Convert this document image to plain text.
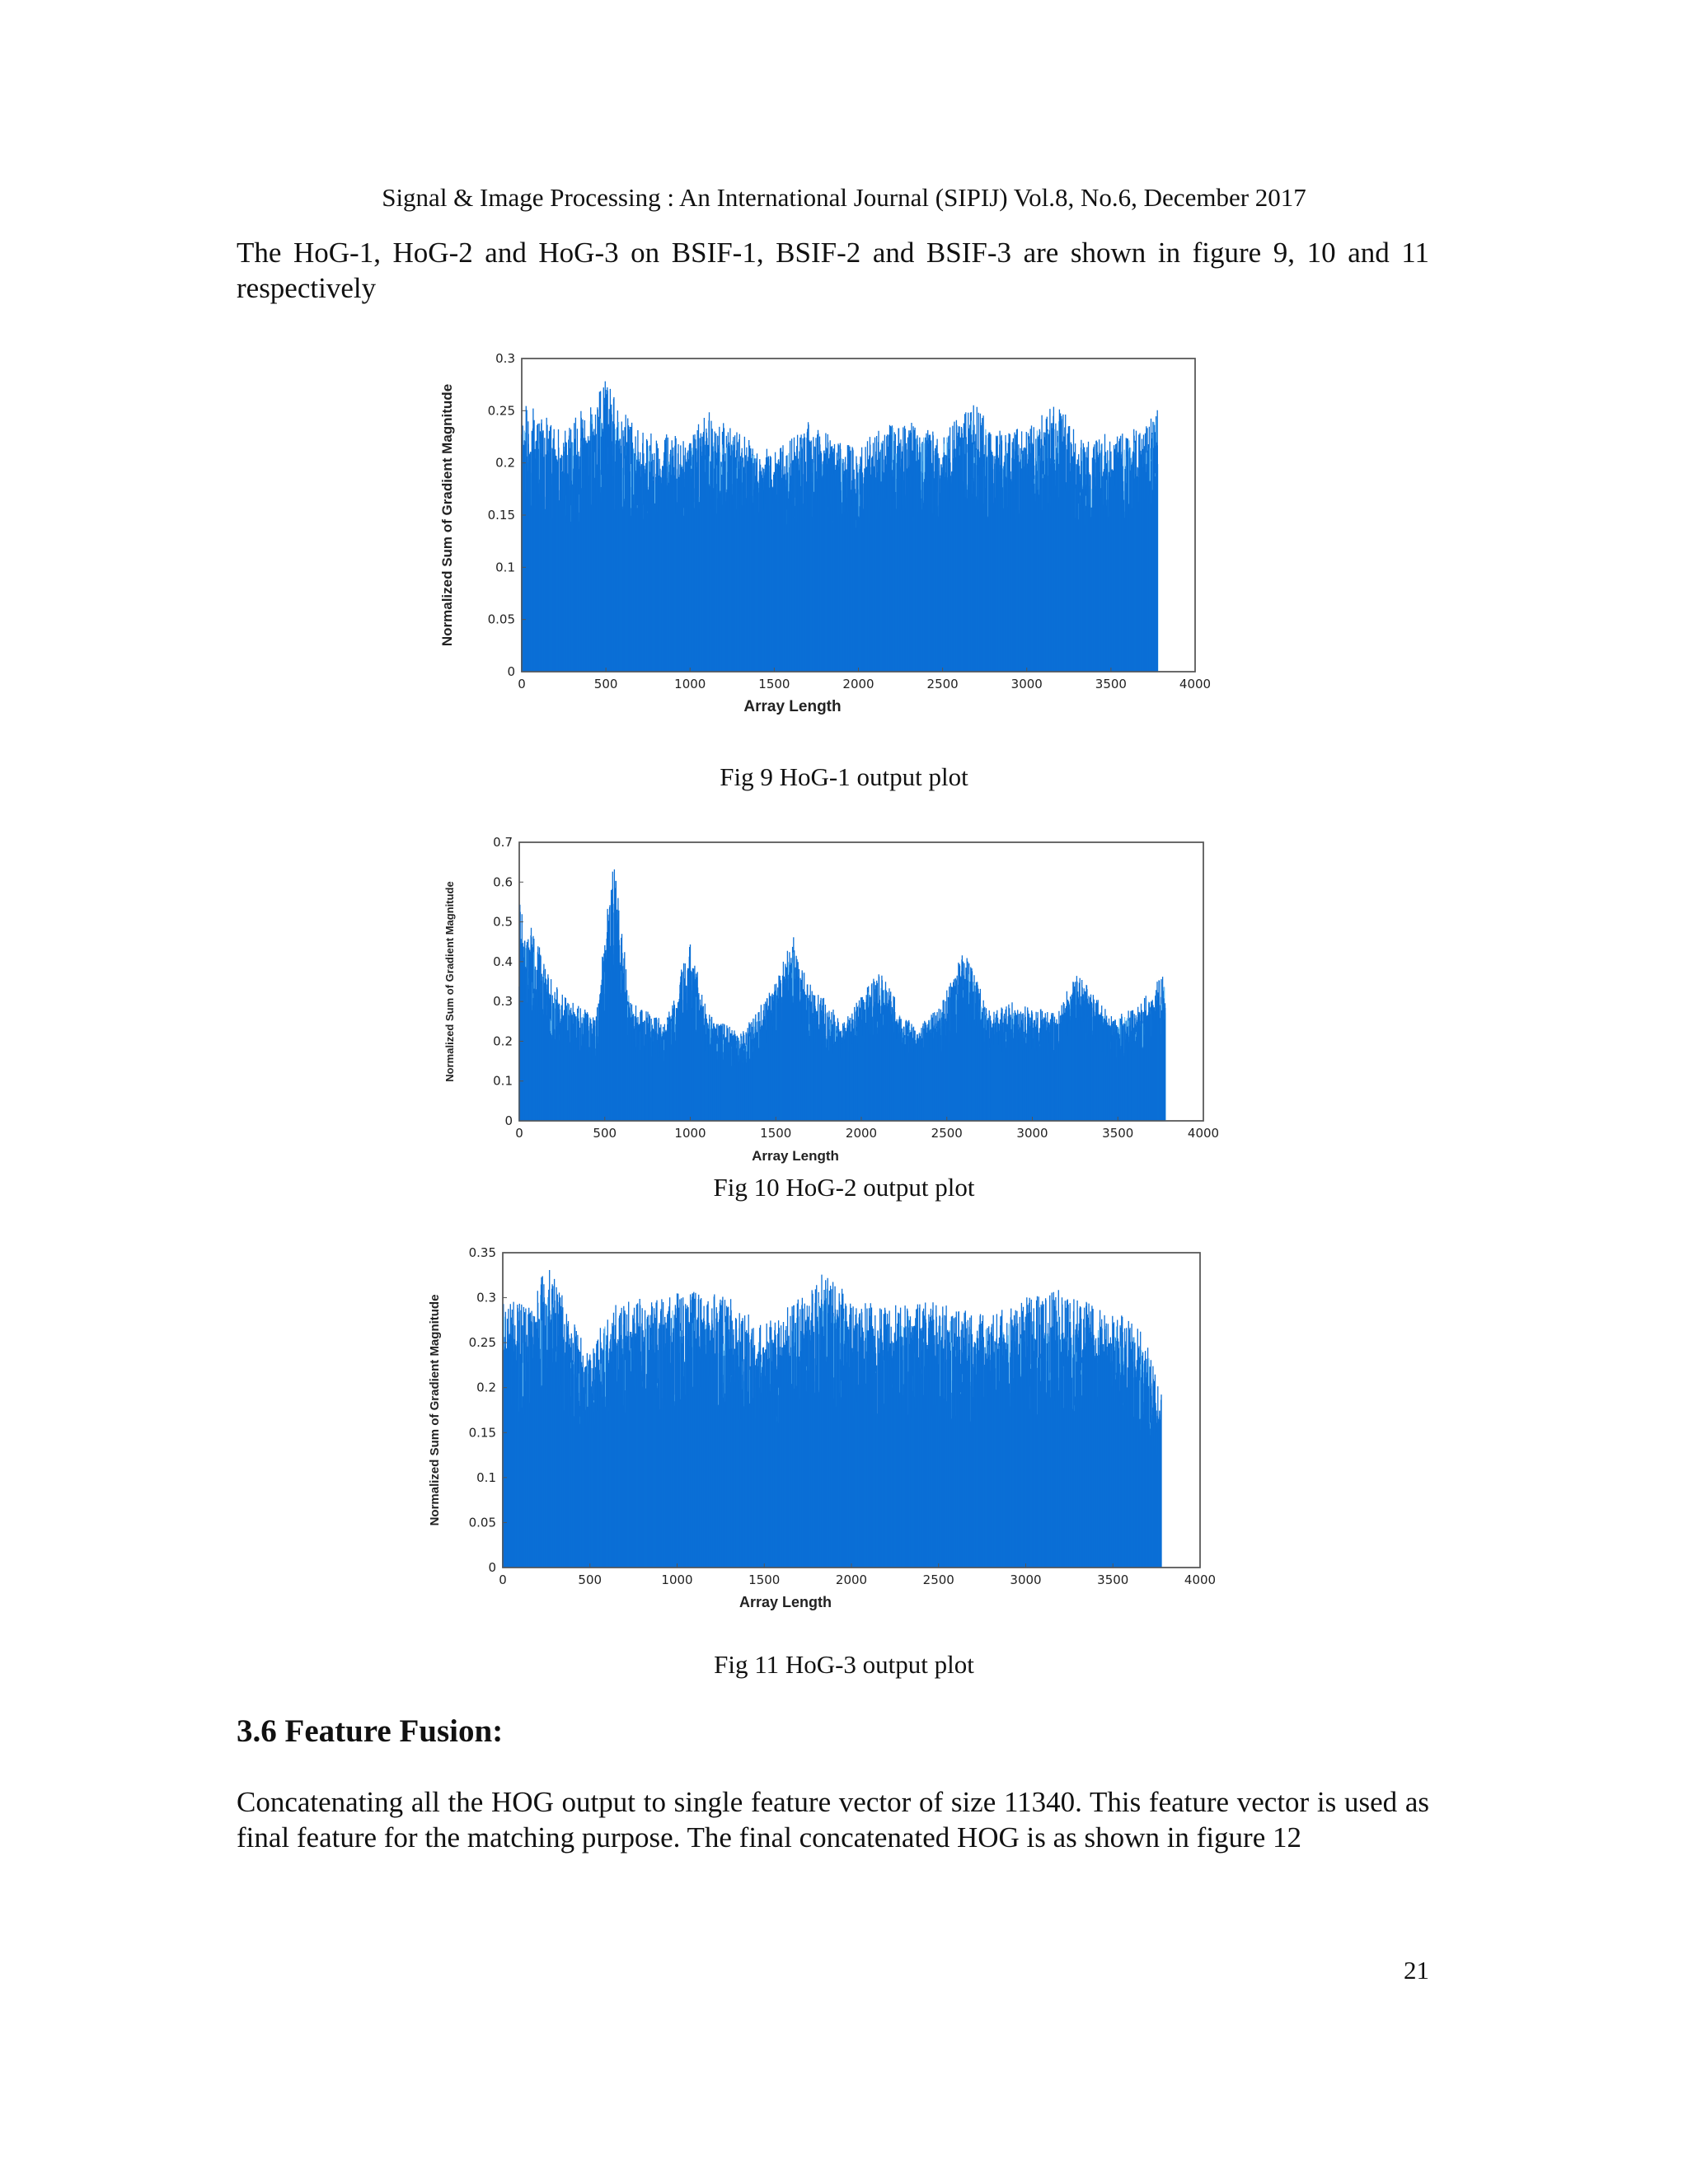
Signal & Image Processing : An International Journal (SIPIJ) Vol.8, No.6, December 2017
The HoG-1, HoG-2 and HoG-3 on BSIF-1, BSIF-2 and BSIF-3 are shown in figure 9, 10 and 11 respectively
0	500	1000	1500	2000	2500	3000	3500	4000
0
0.05
0.1
0.15
0.2
0.25
0.3
Array Length
Normalized Sum of Gradient Magnitude
Fig 9 HoG-1 output plot
0	500	1000	1500	2000	2500	3000	3500	4000
0
0.1
0.2
0.3
0.4
0.5
0.6
0.7
Array Length
Normalized Sum of Gradient Magnitude
Fig 10 HoG-2 output plot
0	500	1000	1500	2000	2500	3000	3500	4000
0
0.05
0.1
0.15
0.2
0.25
0.3
0.35
Array Length
Normalized Sum of Gradient Magnitude
Fig 11 HoG-3 output plot
3.6 Feature Fusion:
Concatenating all the HOG output to single feature vector of size 11340. This feature vector is used as final feature for the matching purpose. The final concatenated HOG is as shown in figure 12
21
